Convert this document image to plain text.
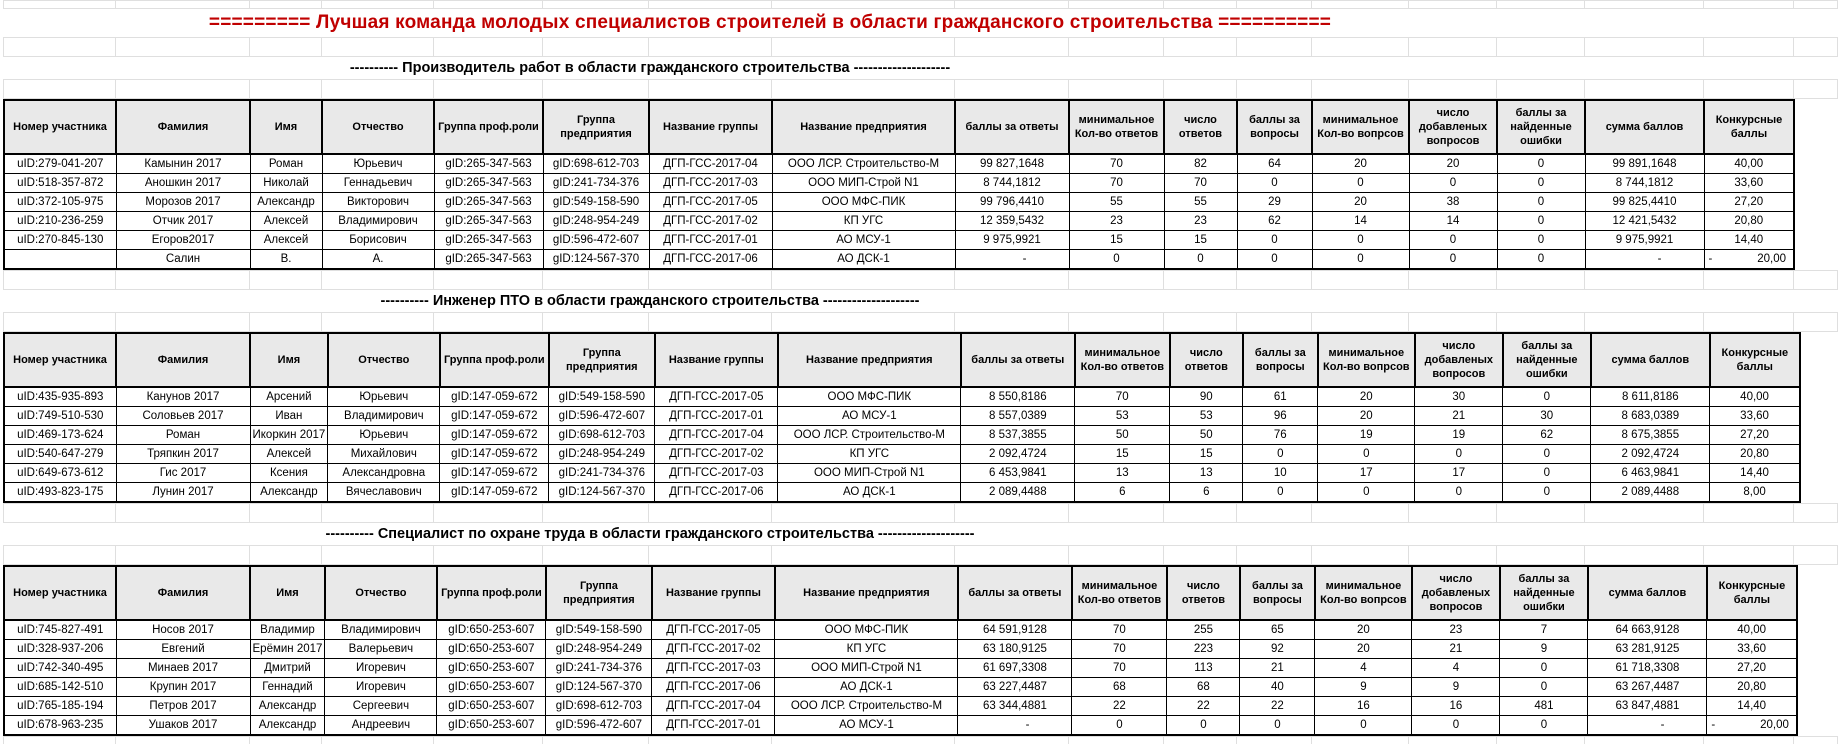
========= Лучшая команда молодых специалистов строителей в области гражданского строительства ==========

---------- Производитель работ в области гражданского строительства --------------------

Номер участника	Фамилия	Имя	Отчество	Группа проф.роли	Группа предприятия	Название группы	Название предприятия	баллы за ответы	минимальное Кол-во ответов	число ответов	баллы за вопросы	минимальное Кол-во вопрсов	число добавленых вопросов	баллы за найденные ошибки	сумма баллов	Конкурсные баллы
uID:279-041-207	Камынин 2017	Роман	Юрьевич	gID:265-347-563	gID:698-612-703	ДГП-ГСС-2017-04	ООО ЛСР. Строительство-М	99 827,1648	70	82	64	20	20	0	99 891,1648	40,00
uID:518-357-872	Аношкин 2017	Николай	Геннадьевич	gID:265-347-563	gID:241-734-376	ДГП-ГСС-2017-03	ООО МИП-Строй N1	8 744,1812	70	70	0	0	0	0	8 744,1812	33,60
uID:372-105-975	Морозов 2017	Александр	Викторович	gID:265-347-563	gID:549-158-590	ДГП-ГСС-2017-05	ООО МФС-ПИК	99 796,4410	55	55	29	20	38	0	99 825,4410	27,20
uID:210-236-259	Отчик 2017	Алексей	Владимирович	gID:265-347-563	gID:248-954-249	ДГП-ГСС-2017-02	КП УГС	12 359,5432	23	23	62	14	14	0	12 421,5432	20,80
uID:270-845-130	Егоров2017	Алексей	Борисович	gID:265-347-563	gID:596-472-607	ДГП-ГСС-2017-01	АО МСУ-1	9 975,9921	15	15	0	0	0	0	9 975,9921	14,40
	Салин	В.	А.	gID:265-347-563	gID:124-567-370	ДГП-ГСС-2017-06	АО ДСК-1	-	0	0	0	0	0	0	-	- 20,00

---------- Инженер ПТО в области гражданского строительства --------------------

Номер участника	Фамилия	Имя	Отчество	Группа проф.роли	Группа предприятия	Название группы	Название предприятия	баллы за ответы	минимальное Кол-во ответов	число ответов	баллы за вопросы	минимальное Кол-во вопрсов	число добавленых вопросов	баллы за найденные ошибки	сумма баллов	Конкурсные баллы
uID:435-935-893	Канунов 2017	Арсений	Юрьевич	gID:147-059-672	gID:549-158-590	ДГП-ГСС-2017-05	ООО МФС-ПИК	8 550,8186	70	90	61	20	30	0	8 611,8186	40,00
uID:749-510-530	Соловьев 2017	Иван	Владимирович	gID:147-059-672	gID:596-472-607	ДГП-ГСС-2017-01	АО МСУ-1	8 557,0389	53	53	96	20	21	30	8 683,0389	33,60
uID:469-173-624	Роман	Икоркин 2017	Юрьевич	gID:147-059-672	gID:698-612-703	ДГП-ГСС-2017-04	ООО ЛСР. Строительство-М	8 537,3855	50	50	76	19	19	62	8 675,3855	27,20
uID:540-647-279	Тряпкин 2017	Алексей	Михайлович	gID:147-059-672	gID:248-954-249	ДГП-ГСС-2017-02	КП УГС	2 092,4724	15	15	0	0	0	0	2 092,4724	20,80
uID:649-673-612	Гис 2017	Ксения	Александровна	gID:147-059-672	gID:241-734-376	ДГП-ГСС-2017-03	ООО МИП-Строй N1	6 453,9841	13	13	10	17	17	0	6 463,9841	14,40
uID:493-823-175	Лунин 2017	Александр	Вячеславович	gID:147-059-672	gID:124-567-370	ДГП-ГСС-2017-06	АО ДСК-1	2 089,4488	6	6	0	0	0	0	2 089,4488	8,00

---------- Специалист по охране труда в области гражданского строительства --------------------

Номер участника	Фамилия	Имя	Отчество	Группа проф.роли	Группа предприятия	Название группы	Название предприятия	баллы за ответы	минимальное Кол-во ответов	число ответов	баллы за вопросы	минимальное Кол-во вопрсов	число добавленых вопросов	баллы за найденные ошибки	сумма баллов	Конкурсные баллы
uID:745-827-491	Носов 2017	Владимир	Владимирович	gID:650-253-607	gID:549-158-590	ДГП-ГСС-2017-05	ООО МФС-ПИК	64 591,9128	70	255	65	20	23	7	64 663,9128	40,00
uID:328-937-206	Евгений	Ерёмин 2017	Валерьевич	gID:650-253-607	gID:248-954-249	ДГП-ГСС-2017-02	КП УГС	63 180,9125	70	223	92	20	21	9	63 281,9125	33,60
uID:742-340-495	Минаев 2017	Дмитрий	Игоревич	gID:650-253-607	gID:241-734-376	ДГП-ГСС-2017-03	ООО МИП-Строй N1	61 697,3308	70	113	21	4	4	0	61 718,3308	27,20
uID:685-142-510	Крупин 2017	Геннадий	Игоревич	gID:650-253-607	gID:124-567-370	ДГП-ГСС-2017-06	АО ДСК-1	63 227,4487	68	68	40	9	9	0	63 267,4487	20,80
uID:765-185-194	Петров 2017	Александр	Сергеевич	gID:650-253-607	gID:698-612-703	ДГП-ГСС-2017-04	ООО ЛСР. Строительство-М	63 344,4881	22	22	22	16	16	481	63 847,4881	14,40
uID:678-963-235	Ушаков 2017	Александр	Андреевич	gID:650-253-607	gID:596-472-607	ДГП-ГСС-2017-01	АО МСУ-1	-	0	0	0	0	0	0	-	- 20,00
